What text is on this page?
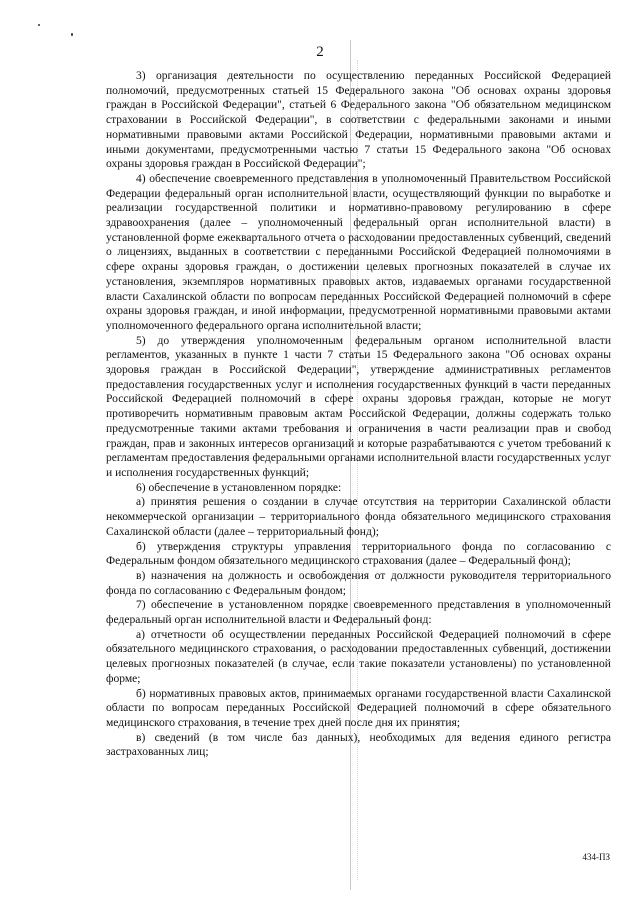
2

3) организация деятельности по осуществлению переданных Российской Федерацией полномочий, предусмотренных статьей 15 Федерального закона "Об основах охраны здоровья граждан в Российской Федерации", статьей 6 Федерального закона "Об обязательном медицинском страховании в Российской Федерации", в соответствии с федеральными законами и иными нормативными правовыми актами Российской Федерации, нормативными правовыми актами и иными документами, предусмотренными частью 7 статьи 15 Федерального закона "Об основах охраны здоровья граждан в Российской Федерации";

4) обеспечение своевременного представления в уполномоченный Правительством Российской Федерации федеральный орган исполнительной власти, осуществляющий функции по выработке и реализации государственной политики и нормативно-правовому регулированию в сфере здравоохранения (далее – уполномоченный федеральный орган исполнительной власти) в установленной форме ежеквартального отчета о расходовании предоставленных субвенций, сведений о лицензиях, выданных в соответствии с переданными Российской Федерацией полномочиями в сфере охраны здоровья граждан, о достижении целевых прогнозных показателей в случае их установления, экземпляров нормативных правовых актов, издаваемых органами государственной власти Сахалинской области по вопросам переданных Российской Федерацией полномочий в сфере охраны здоровья граждан, и иной информации, предусмотренной нормативными правовыми актами уполномоченного федерального органа исполнительной власти;

5) до утверждения уполномоченным федеральным органом исполнительной власти регламентов, указанных в пункте 1 части 7 статьи 15 Федерального закона "Об основах охраны здоровья граждан в Российской Федерации", утверждение административных регламентов предоставления государственных услуг и исполнения государственных функций в части переданных Российской Федерацией полномочий в сфере охраны здоровья граждан, которые не могут противоречить нормативным правовым актам Российской Федерации, должны содержать только предусмотренные такими актами требования и ограничения в части реализации прав и свобод граждан, прав и законных интересов организаций и которые разрабатываются с учетом требований к регламентам предоставления федеральными органами исполнительной власти государственных услуг и исполнения государственных функций;

6) обеспечение в установленном порядке:

а) принятия решения о создании в случае отсутствия на территории Сахалинской области некоммерческой организации – территориального фонда обязательного медицинского страхования Сахалинской области (далее – территориальный фонд);

б) утверждения структуры управления территориального фонда по согласованию с Федеральным фондом обязательного медицинского страхования (далее – Федеральный фонд);

в) назначения на должность и освобождения от должности руководителя территориального фонда по согласованию с Федеральным фондом;

7) обеспечение в установленном порядке своевременного представления в уполномоченный федеральный орган исполнительной власти и Федеральный фонд:

а) отчетности об осуществлении переданных Российской Федерацией полномочий в сфере обязательного медицинского страхования, о расходовании предоставленных субвенций, достижении целевых прогнозных показателей (в случае, если такие показатели установлены) по установленной форме;

б) нормативных правовых актов, принимаемых органами государственной власти Сахалинской области по вопросам переданных Российской Федерацией полномочий в сфере обязательного медицинского страхования, в течение трех дней после дня их принятия;

в) сведений (в том числе баз данных), необходимых для ведения единого регистра застрахованных лиц;

434-ПЗ
